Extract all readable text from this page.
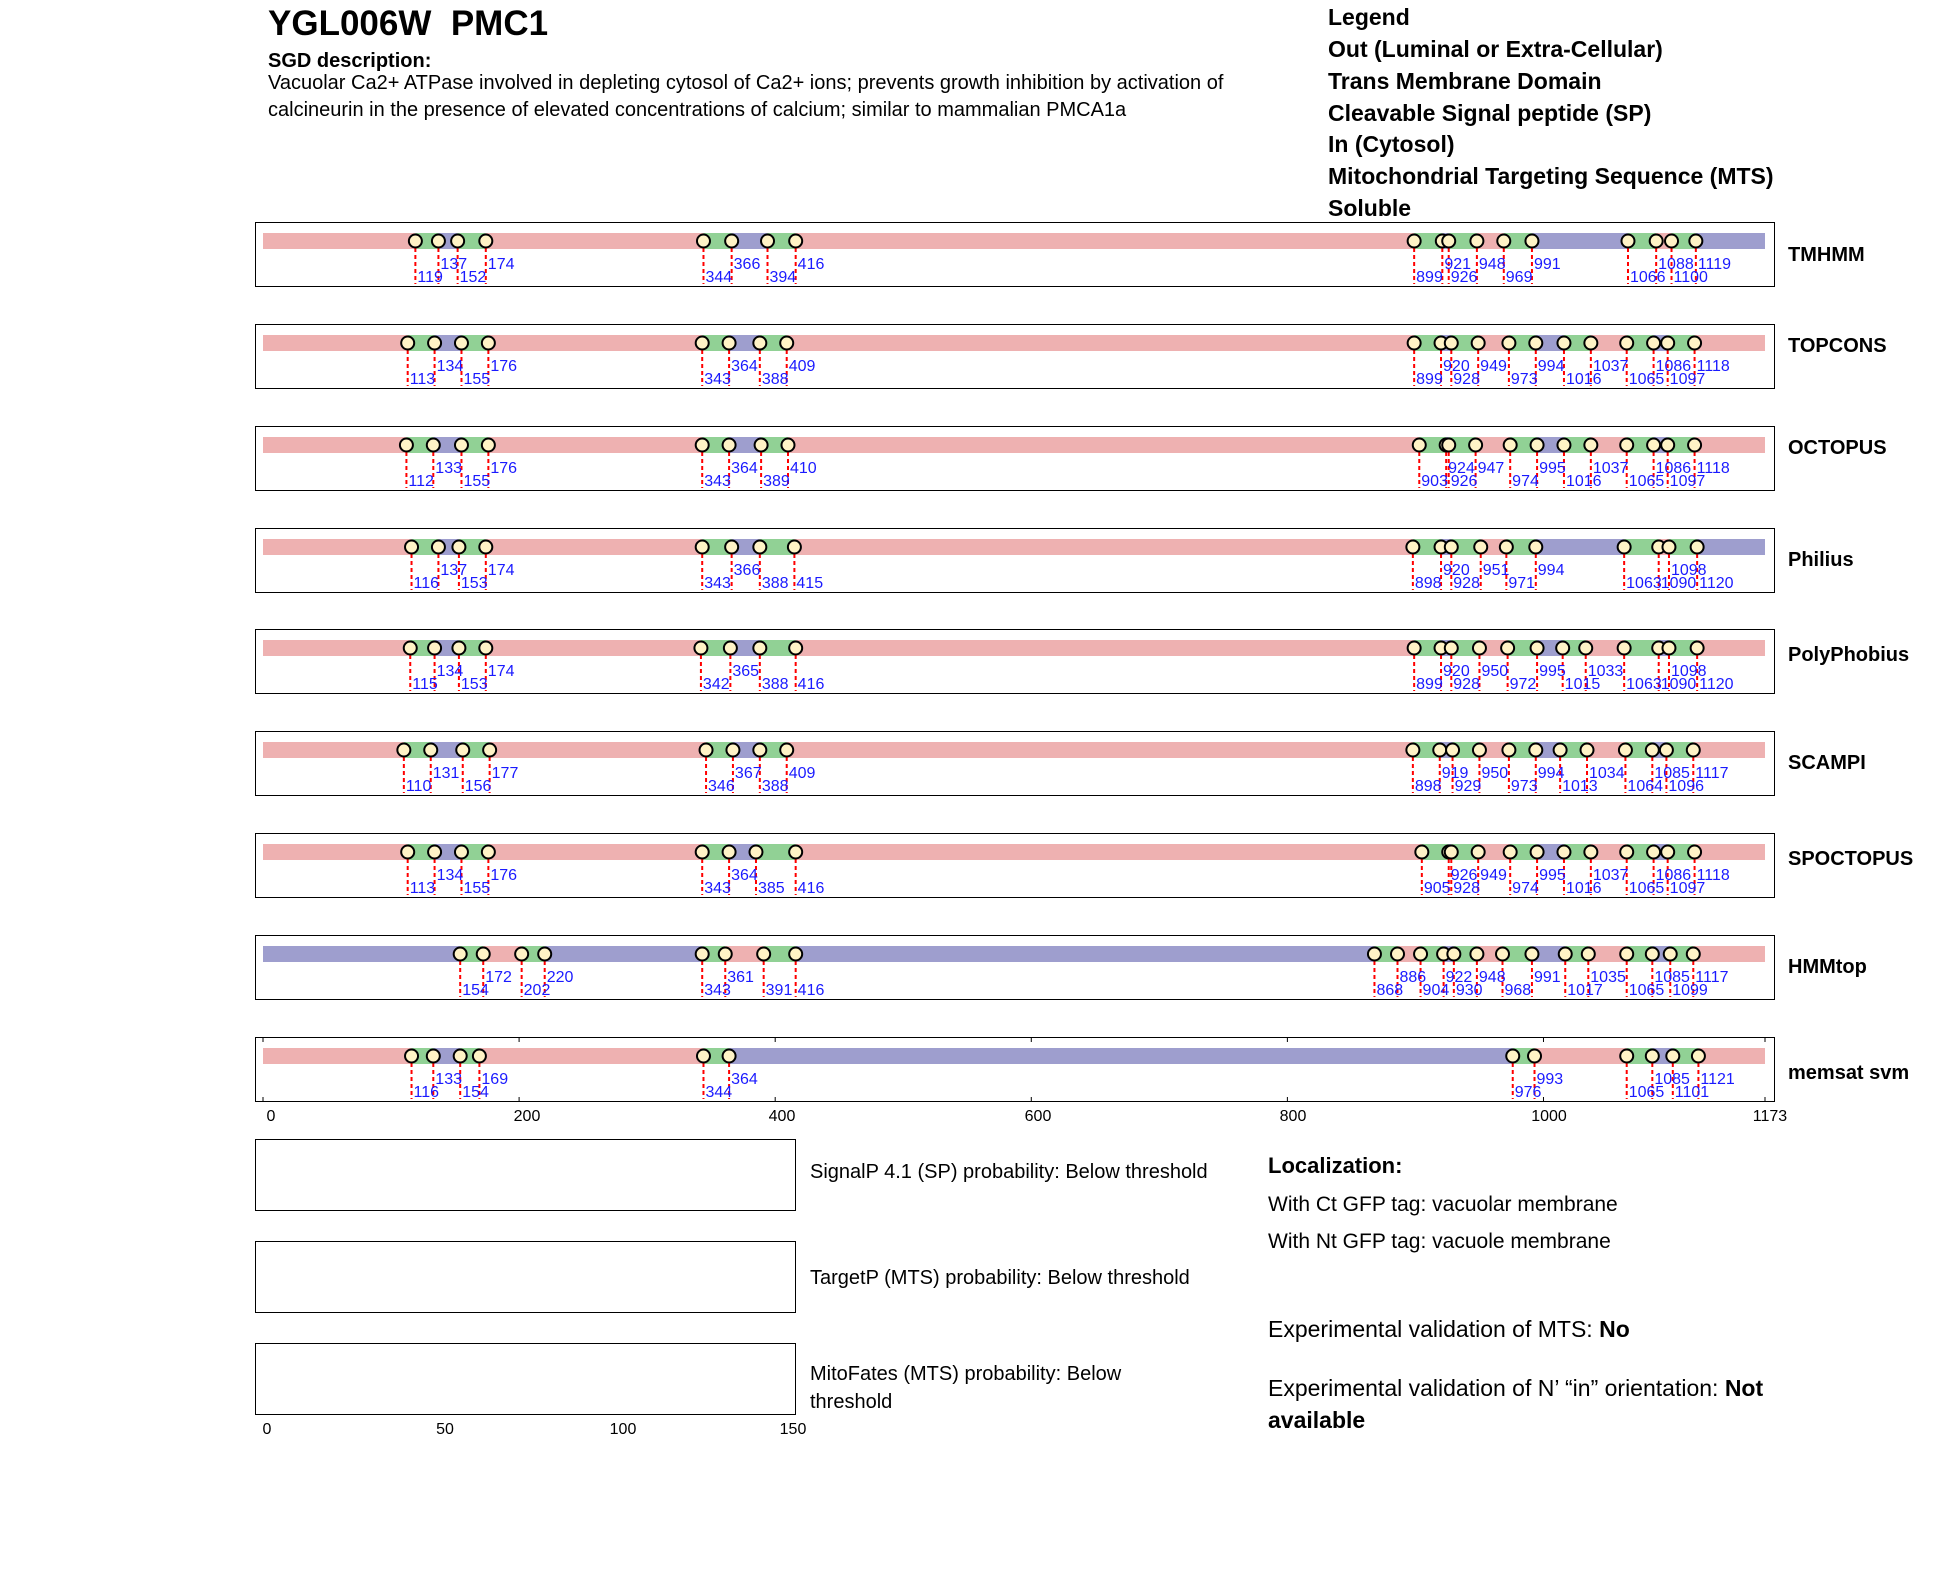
YGL006W  PMC1
SGD description:
Vacuolar Ca2+ ATPase involved in depleting cytosol of Ca2+ ions; prevents growth inhibition by activation of calcineurin in the presence of elevated concentrations of calcium; similar to mammalian PMCA1a
Legend
Out (Luminal or Extra-Cellular)
Trans Membrane Domain
Cleavable Signal peptide (SP)
In (Cytosol)
Mitochondrial Targeting Sequence (MTS)
Soluble
TMHMM
TOPCONS
OCTOPUS
Philius
PolyPhobius
SCAMPI
SPOCTOPUS
HMMtop
memsat svm
0	200	400	600	800	1000	1173
137 174	366 416	921 948 991	1088 1119
119 152	344 394	899 926 969	1066 1100
134 176	364 409	920 949 994 1037 1086 1118
113 155	343 388	899 928 973 1016 1065 1097
133 176	364 410	924 947 995 1037 1086 1118
112 155	343 389	903 926 974 1016 1065 1097
137 174	366	920 951 994	1098
116 153	343 388 415	898 928 971	1063
1090 1120
134 174	365	920 950 995 1033	1098
115 153	342 388 416	899 928 972 1015 1063
1090 1120
131 177	367 409	919 950 994 1034 1085 1117
110 156	346 388	898 929 973 1013 1064 1096
134 176	364	926 949 995 1037 1086 1118
113 155	343 385 416	905 928 974 1016 1065 1097
172 220	361	886 922 948 991 1035 1085 1117
154 202	343 391 416	868 904 930 968 1017 1065 1099
133 169	364	993	1085 1121
116 154	344	976	1065 1101
SignalP 4.1 (SP) probability: Below threshold
TargetP (MTS) probability: Below threshold
MitoFates (MTS) probability: Below threshold
0	50	100	150
Localization:
With Ct GFP tag: vacuolar membrane
With Nt GFP tag: vacuole membrane
Experimental validation of MTS: No
Experimental validation of N’ “in” orientation: Not available
